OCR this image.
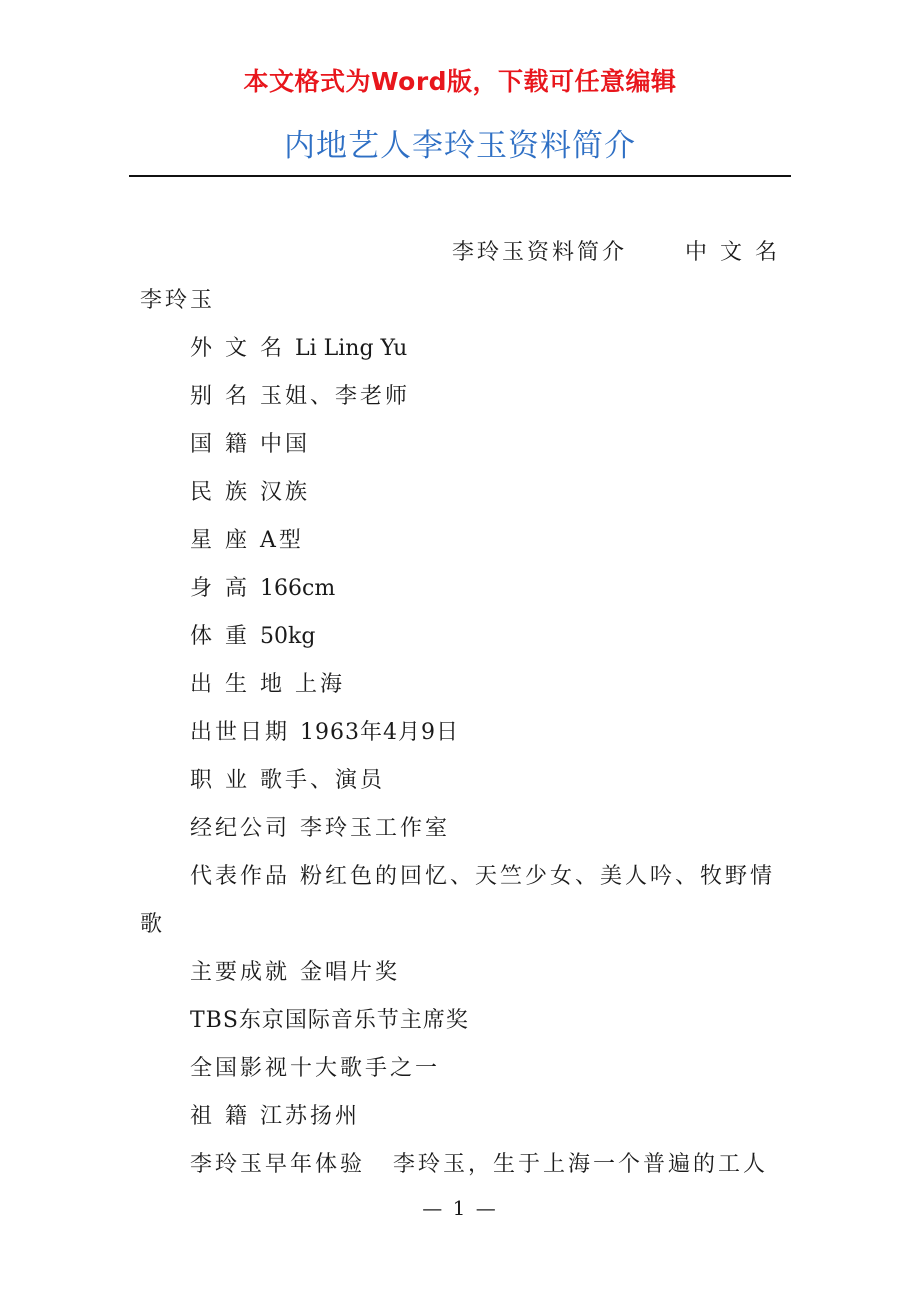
本文格式为Word版，下载可任意编辑
内地艺人李玲玉资料简介
李玲玉资料简介	中 文 名
李玲玉
外 文 名 Li Ling Yu
别 名 玉姐、李老师
国 籍 中国
民 族 汉族
星 座 A型
身 高 166cm
体 重 50kg
出 生 地 上海
出世日期 1963年4月9日
职 业 歌手、演员
经纪公司 李玲玉工作室
代表作品 粉红色的回忆、天竺少女、美人吟、牧野情
歌
主要成就 金唱片奖
TBS东京国际音乐节主席奖
全国影视十大歌手之一
祖 籍 江苏扬州
李玲玉早年体验 李玲玉，生于上海一个普遍的工人
— 1 —
